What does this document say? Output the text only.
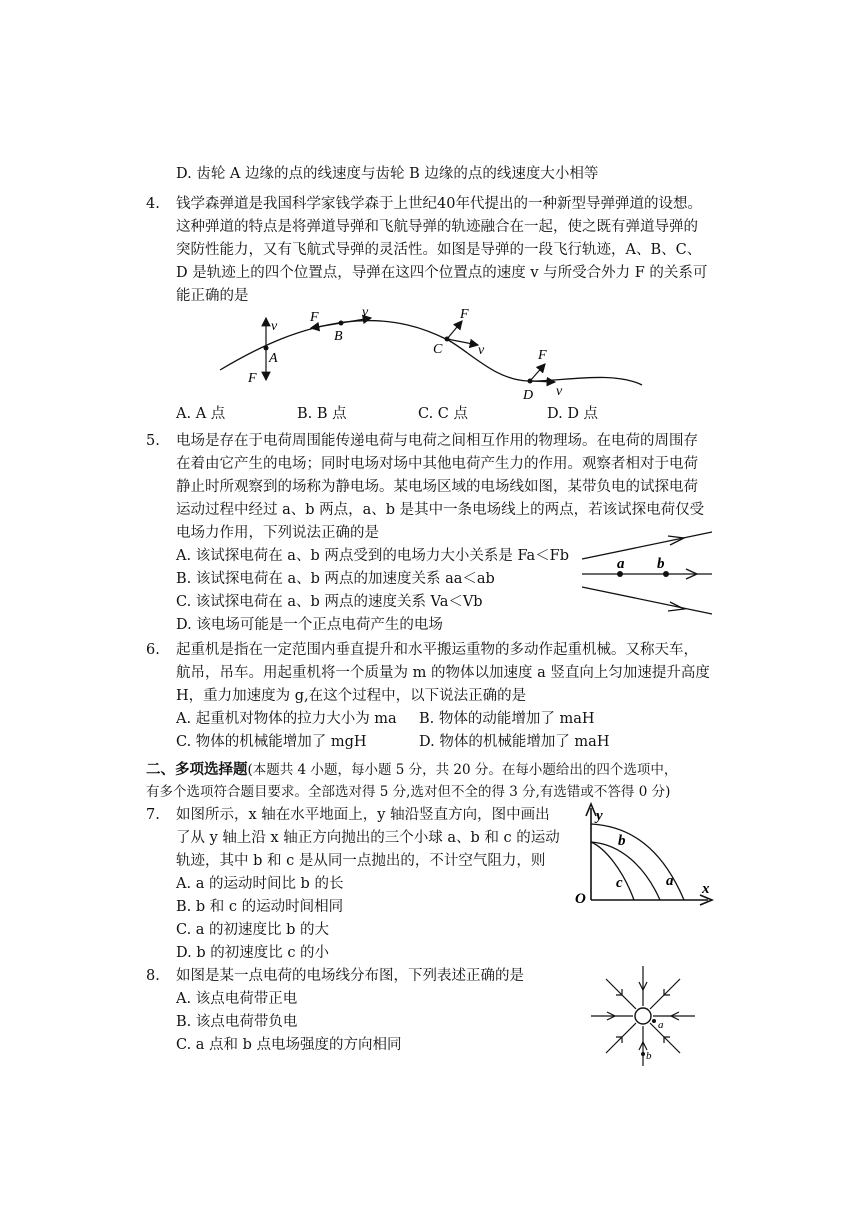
D. 齿轮 A 边缘的点的线速度与齿轮 B 边缘的点的线速度大小相等
4. 钱学森弹道是我国科学家钱学森于上世纪40年代提出的一种新型导弹弹道的设想。
这种弹道的特点是将弹道导弹和飞航导弹的轨迹融合在一起，使之既有弹道导弹的
突防性能力，又有飞航式导弹的灵活性。如图是导弹的一段飞行轨迹，A、B、C、
D 是轨迹上的四个位置点，导弹在这四个位置点的速度 v 与所受合外力 F 的关系可
能正确的是
v
A
F
F	v
B
F
v
C	F
v
D
A. A 点	B. B 点	C. C 点	D. D 点
5. 电场是存在于电荷周围能传递电荷与电荷之间相互作用的物理场。在电荷的周围存
在着由它产生的电场；同时电场对场中其他电荷产生力的作用。观察者相对于电荷
静止时所观察到的场称为静电场。某电场区域的电场线如图，某带负电的试探电荷
运动过程中经过 a、b 两点，a、b 是其中一条电场线上的两点，若该试探电荷仅受
电场力作用，下列说法正确的是
A. 该试探电荷在 a、b 两点受到的电场力大小关系是 Fa＜Fb
B. 该试探电荷在 a、b 两点的加速度关系 aa＜ab
C. 该试探电荷在 a、b 两点的速度关系 Va＜Vb
D. 该电场可能是一个正点电荷产生的电场
a b
6. 起重机是指在一定范围内垂直提升和水平搬运重物的多动作起重机械。又称天车，
航吊，吊车。用起重机将一个质量为 m 的物体以加速度 a 竖直向上匀加速提升高度
H，重力加速度为 g,在这个过程中，以下说法正确的是
A. 起重机对物体的拉力大小为 ma B. 物体的动能增加了 maH
C. 物体的机械能增加了 mgH	D. 物体的机械能增加了 maH
二、多项选择题(本题共 4 小题，每小题 5 分，共 20 分。在每小题给出的四个选项中，
有多个选项符合题目要求。全部选对得 5 分,选对但不全的得 3 分,有选错或不答得 0 分)
7. 如图所示，x 轴在水平地面上，y 轴沿竖直方向，图中画出
了从 y 轴上沿 x 轴正方向抛出的三个小球 a、b 和 c 的运动
轨迹，其中 b 和 c 是从同一点抛出的，不计空气阻力，则
A. a 的运动时间比 b 的长
B. b 和 c 的运动时间相同
C. a 的初速度比 b 的大
D. b 的初速度比 c 的小
y
x
O
a
b
c
8. 如图是某一点电荷的电场线分布图，下列表述正确的是
A. 该点电荷带正电
B. 该点电荷带负电
C. a 点和 b 点电场强度的方向相同
a
b
